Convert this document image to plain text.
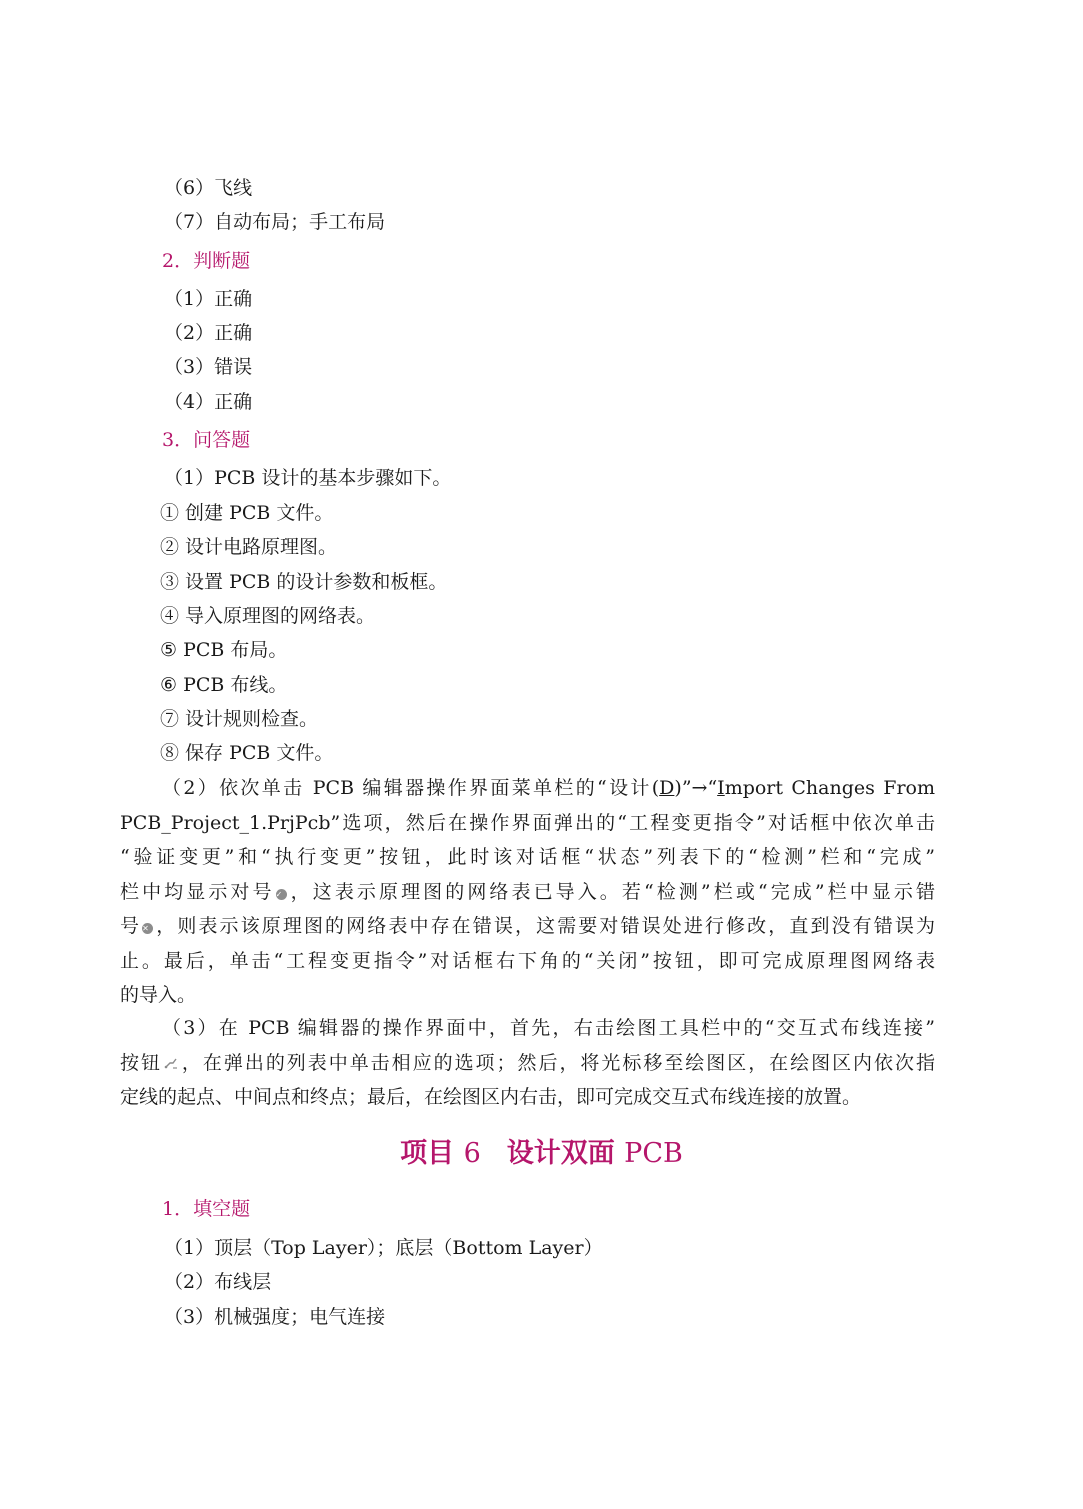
（6）飞线
（7）自动布局；手工布局
2．判断题
（1）正确
（2）正确
（3）错误
（4）正确
3．问答题
（1）PCB 设计的基本步骤如下。
① 创建 PCB 文件。
② 设计电路原理图。
③ 设置 PCB 的设计参数和板框。
④ 导入原理图的网络表。
⑤ PCB 布局。
⑥ PCB 布线。
⑦ 设计规则检查。
⑧ 保存 PCB 文件。
（2）依次单击 PCB 编辑器操作界面菜单栏的“设计(D)”→“Import Changes From
PCB_Project_1.PrjPcb”选项，然后在操作界面弹出的“工程变更指令”对话框中依次单击
“验证变更”和“执行变更”按钮，此时该对话框“状态”列表下的“检测”栏和“完成”
栏中均显示对号✓ ，这表示原理图的网络表已导入。若“检测”栏或“完成”栏中显示错
号✕ ，则表示该原理图的网络表中存在错误，这需要对错误处进行修改，直到没有错误为
止。最后，单击“工程变更指令”对话框右下角的“关闭”按钮，即可完成原理图网络表
的导入。
（3）在 PCB 编辑器的操作界面中，首先，右击绘图工具栏中的“交互式布线连接”
按钮 ，在弹出的列表中单击相应的选项；然后，将光标移至绘图区，在绘图区内依次指
定线的起点、中间点和终点；最后，在绘图区内右击，即可完成交互式布线连接的放置。
项目 6 设计双面 PCB
1．填空题
（1）顶层（Top Layer）；底层（Bottom Layer）
（2）布线层
（3）机械强度；电气连接
